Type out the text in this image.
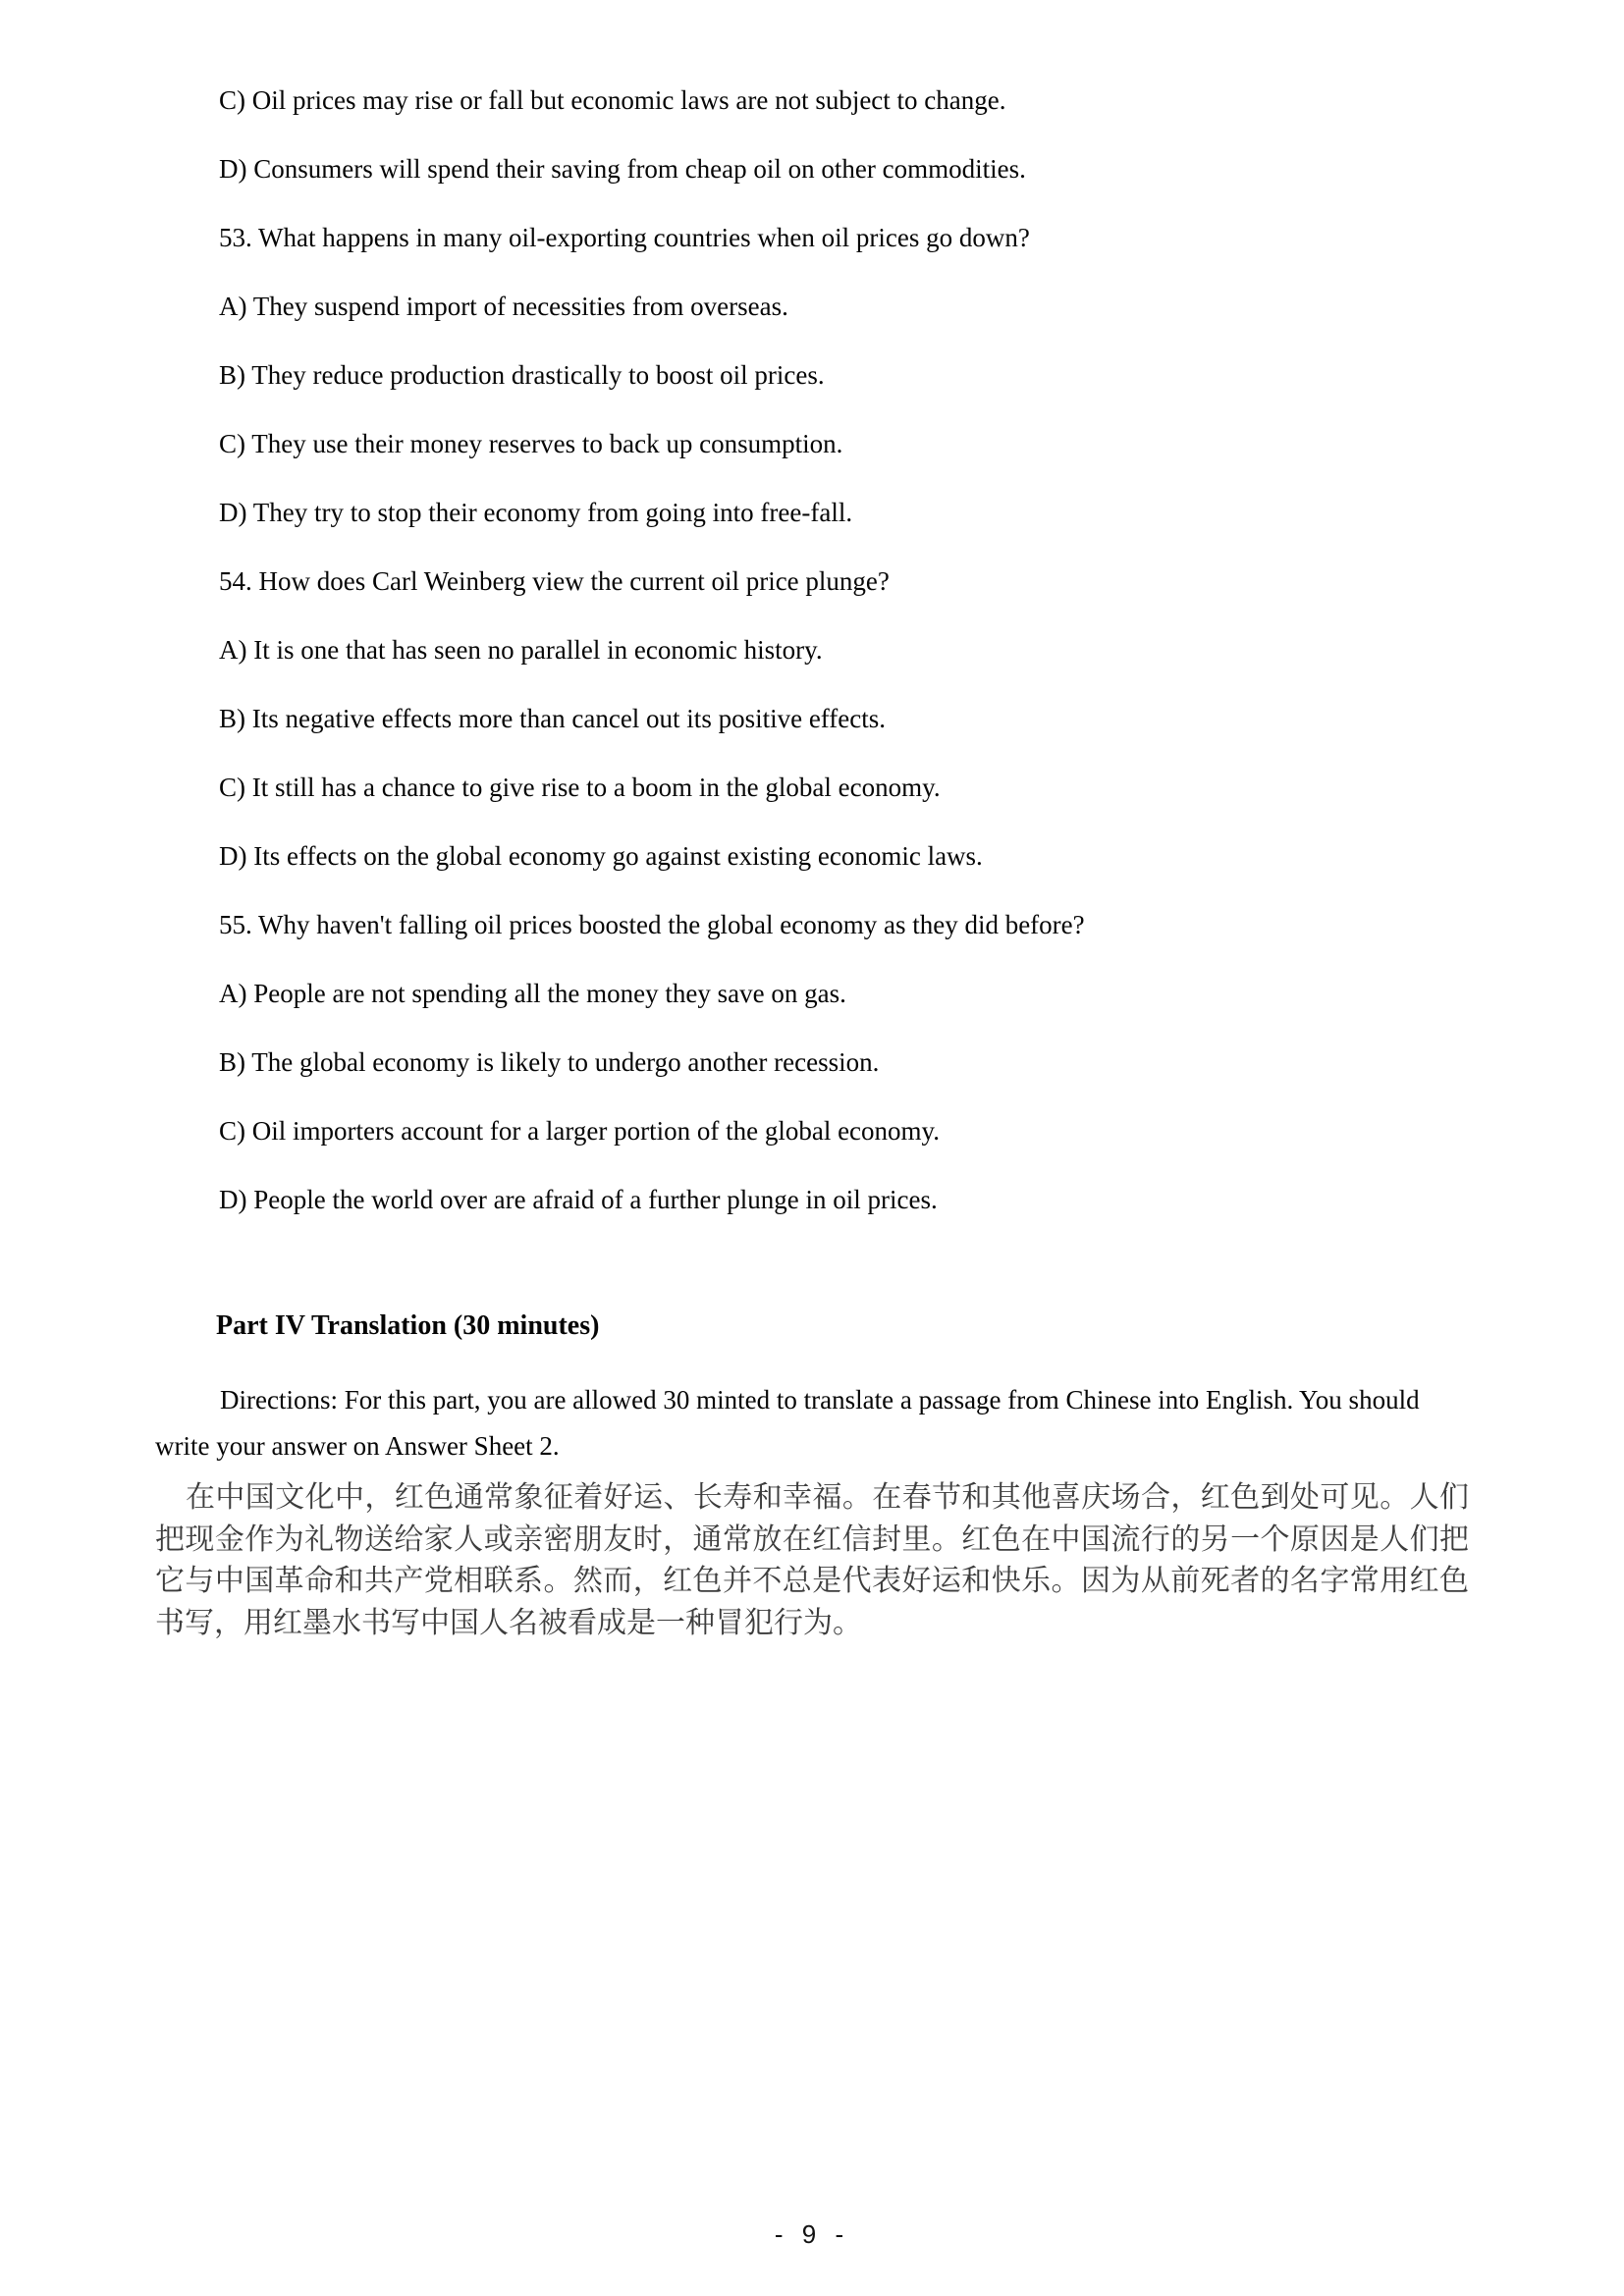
C) Oil prices may rise or fall but economic laws are not subject to change.

D) Consumers will spend their saving from cheap oil on other commodities.

53. What happens in many oil-exporting countries when oil prices go down?

A) They suspend import of necessities from overseas.

B) They reduce production drastically to boost oil prices.

C) They use their money reserves to back up consumption.

D) They try to stop their economy from going into free-fall.

54. How does Carl Weinberg view the current oil price plunge?

A) It is one that has seen no parallel in economic history.

B) Its negative effects more than cancel out its positive effects.

C) It still has a chance to give rise to a boom in the global economy.

D) Its effects on the global economy go against existing economic laws.

55. Why haven't falling oil prices boosted the global economy as they did before?

A) People are not spending all the money they save on gas.

B) The global economy is likely to undergo another recession.

C) Oil importers account for a larger portion of the global economy.

D) People the world over are afraid of a further plunge in oil prices.

Part IV Translation (30 minutes)

Directions: For this part, you are allowed 30 minted to translate a passage from Chinese into English. You should write your answer on Answer Sheet 2.

在中国文化中，红色通常象征着好运、长寿和幸福。在春节和其他喜庆场合，红色到处可见。人们把现金作为礼物送给家人或亲密朋友时，通常放在红信封里。红色在中国流行的另一个原因是人们把它与中国革命和共产党相联系。然而，红色并不总是代表好运和快乐。因为从前死者的名字常用红色书写，用红墨水书写中国人名被看成是一种冒犯行为。

- 9 -
